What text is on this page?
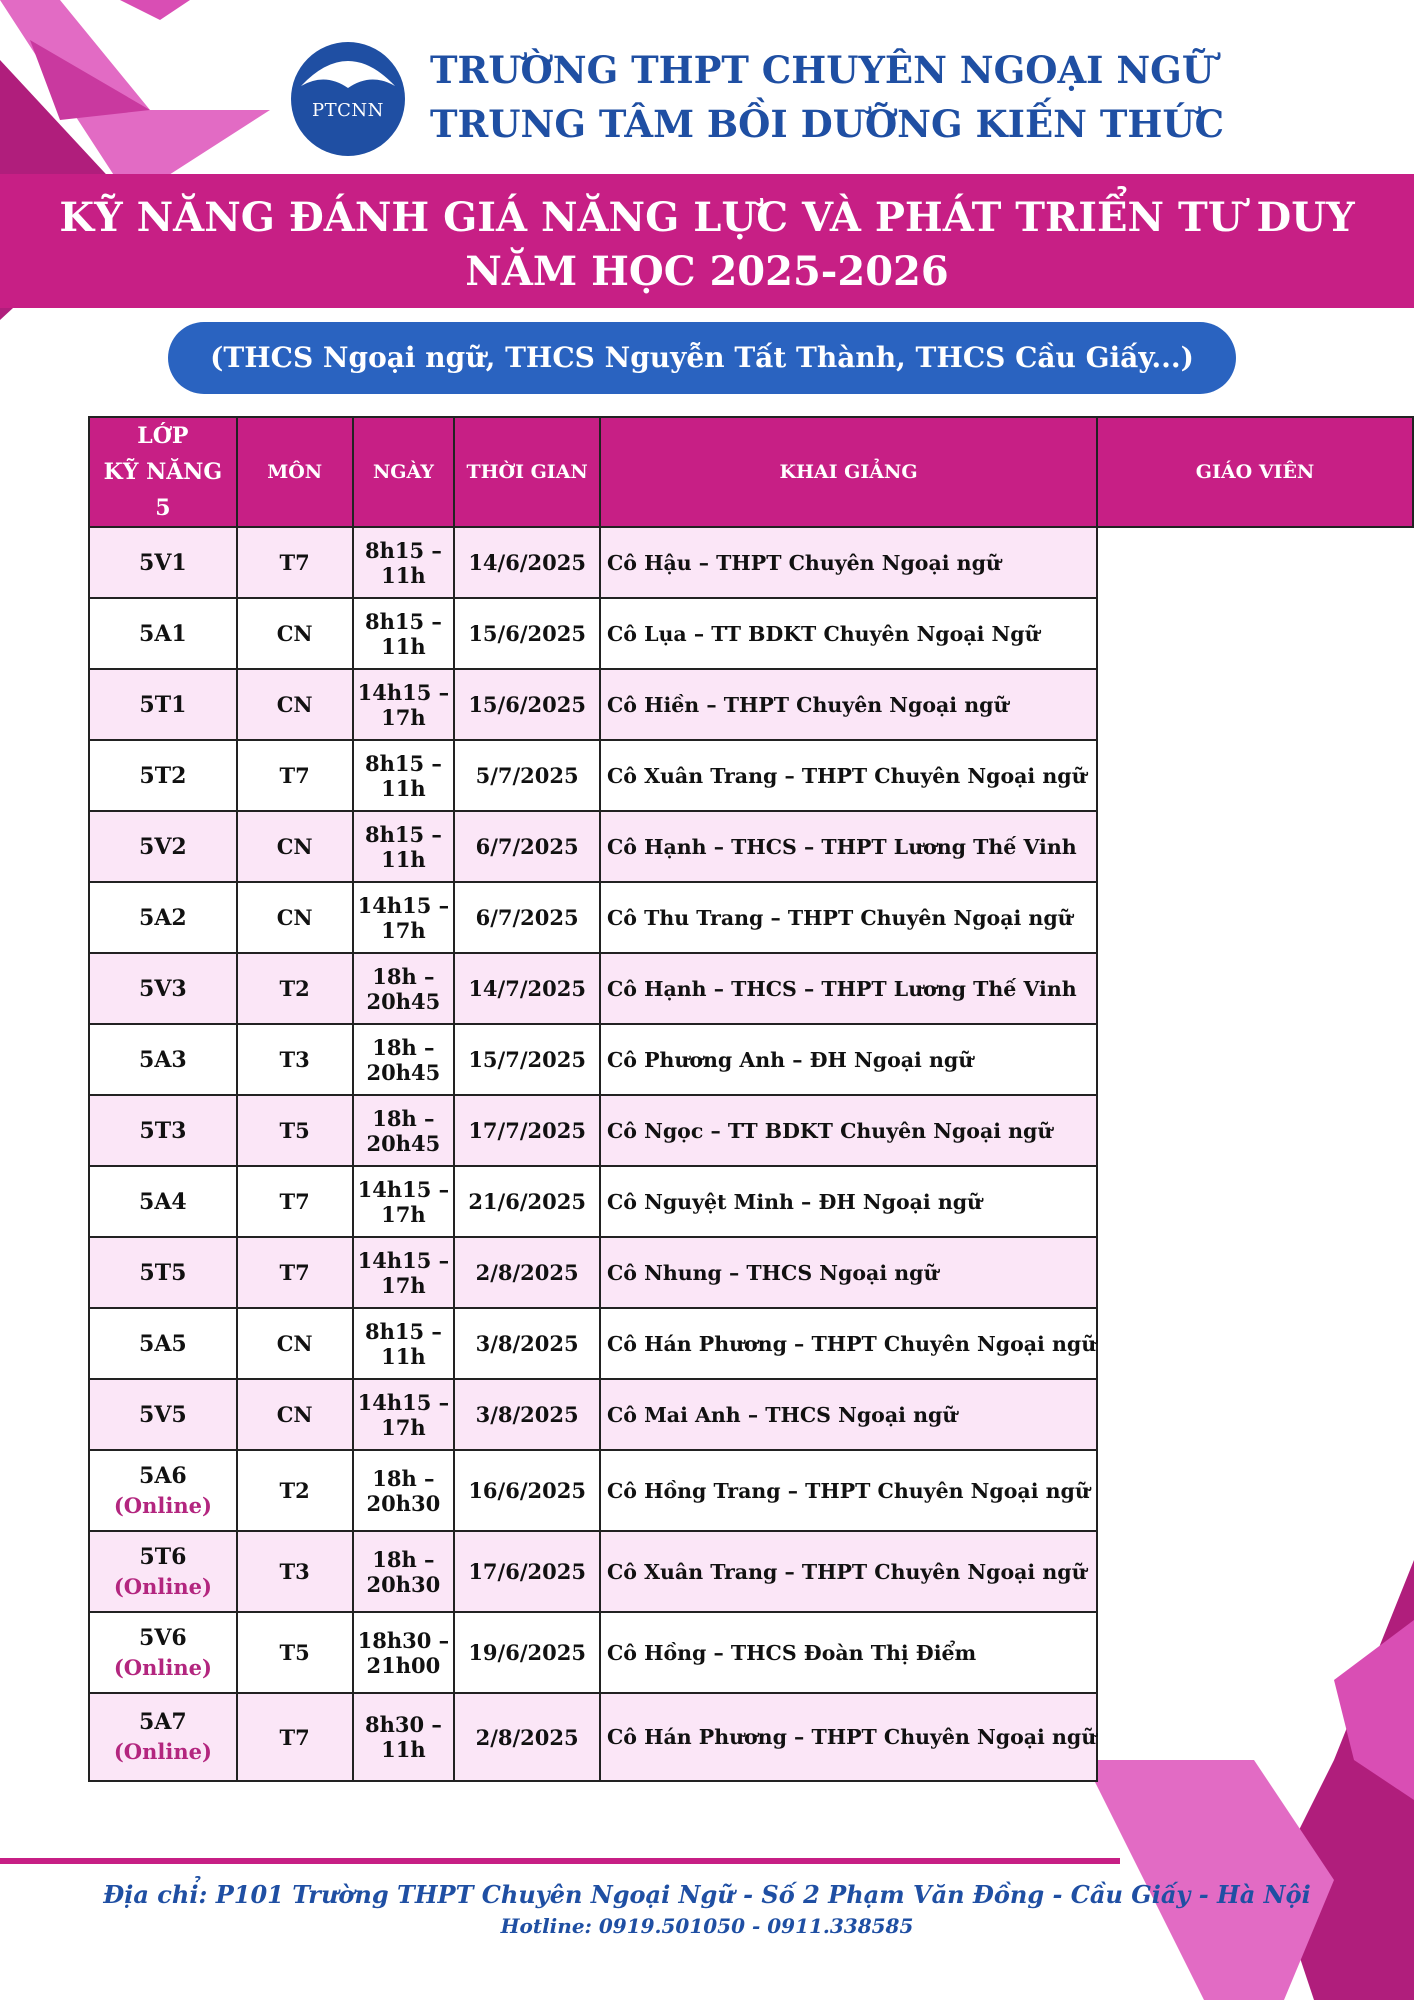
PTCNN
TRƯỜNG THPT CHUYÊN NGOẠI NGỮ
TRUNG TÂM BỒI DƯỠNG KIẾN THỨC
KỸ NĂNG ĐÁNH GIÁ NĂNG LỰC VÀ PHÁT TRIỂN TƯ DUY
NĂM HỌC 2025-2026
(THCS Ngoại ngữ, THCS Nguyễn Tất Thành, THCS Cầu Giấy...)
LỚP
KỸ NĂNG
5	MÔN	NGÀY	THỜI GIAN	KHAI GIẢNG	GIÁO VIÊN

5V1	T7	8h15 – 11h	14/6/2025	Cô Hậu – THPT Chuyên Ngoại ngữ	

5A1	CN	8h15 – 11h	15/6/2025	Cô Lụa – TT BDKT Chuyên Ngoại Ngữ	

5T1	CN	14h15 – 17h	15/6/2025	Cô Hiền – THPT Chuyên Ngoại ngữ	

5T2	T7	8h15 – 11h	5/7/2025	Cô Xuân Trang – THPT Chuyên Ngoại ngữ	

5V2	CN	8h15 – 11h	6/7/2025	Cô Hạnh – THCS – THPT Lương Thế Vinh	

5A2	CN	14h15 – 17h	6/7/2025	Cô Thu Trang – THPT Chuyên Ngoại ngữ	

5V3	T2	18h – 20h45	14/7/2025	Cô Hạnh – THCS – THPT Lương Thế Vinh	

5A3	T3	18h – 20h45	15/7/2025	Cô Phương Anh – ĐH Ngoại ngữ	

5T3	T5	18h – 20h45	17/7/2025	Cô Ngọc – TT BDKT Chuyên Ngoại ngữ	

5A4	T7	14h15 – 17h	21/6/2025	Cô Nguyệt Minh – ĐH Ngoại ngữ	

5T5	T7	14h15 – 17h	2/8/2025	Cô Nhung – THCS Ngoại ngữ	

5A5	CN	8h15 – 11h	3/8/2025	Cô Hán Phương – THPT Chuyên Ngoại ngữ	

5V5	CN	14h15 – 17h	3/8/2025	Cô Mai Anh – THCS Ngoại ngữ	

5A6
(Online)	T2	18h – 20h30	16/6/2025	Cô Hồng Trang – THPT Chuyên Ngoại ngữ	

5T6
(Online)	T3	18h – 20h30	17/6/2025	Cô Xuân Trang – THPT Chuyên Ngoại ngữ	

5V6
(Online)	T5	18h30 – 21h00	19/6/2025	Cô Hồng – THCS Đoàn Thị Điểm	

5A7
(Online)	T7	8h30 – 11h	2/8/2025	Cô Hán Phương – THPT Chuyên Ngoại ngữ	
Địa chỉ: P101 Trường THPT Chuyên Ngoại Ngữ - Số 2 Phạm Văn Đồng - Cầu Giấy - Hà Nội
Hotline: 0919.501050 - 0911.338585
